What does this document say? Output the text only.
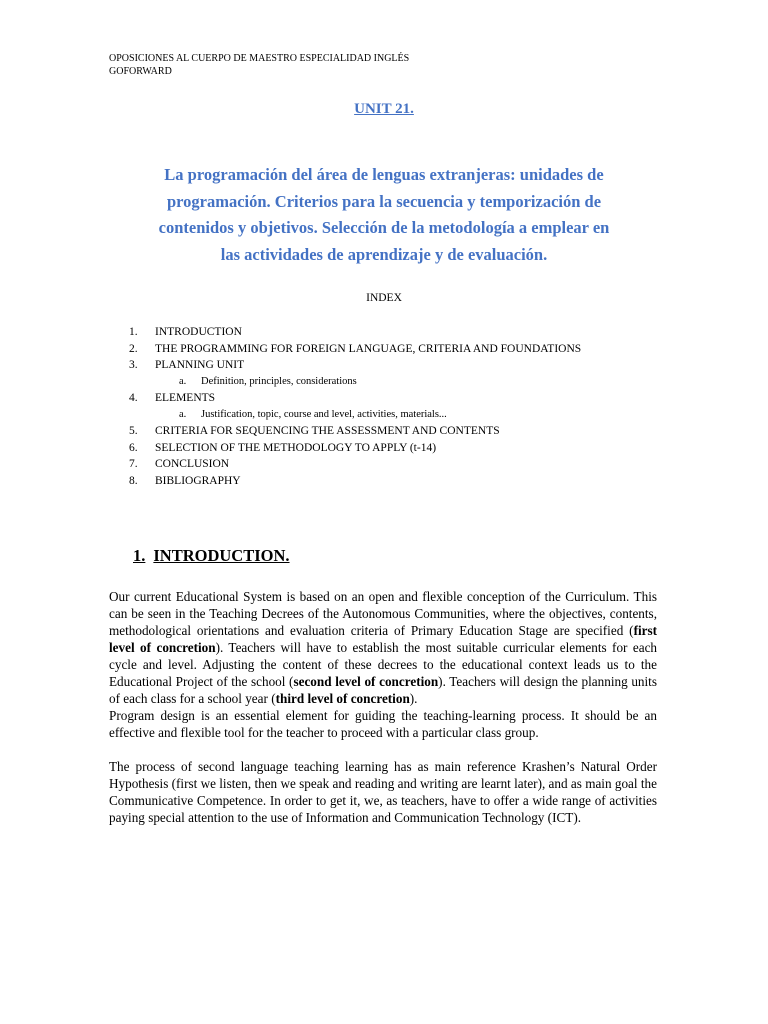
OPOSICIONES AL CUERPO DE MAESTRO ESPECIALIDAD INGLÉS
GOFORWARD
UNIT 21.
La programación del área de lenguas extranjeras: unidades de
programación. Criterios para la secuencia y temporización de
contenidos y objetivos. Selección de la metodología a emplear en
las actividades de aprendizaje y de evaluación.
INDEX
1. INTRODUCTION
2. THE PROGRAMMING FOR FOREIGN LANGUAGE, CRITERIA AND FOUNDATIONS
3. PLANNING UNIT
a. Definition, principles, considerations
4. ELEMENTS
a. Justification, topic, course and level, activities, materials...
5. CRITERIA FOR SEQUENCING THE ASSESSMENT AND CONTENTS
6. SELECTION OF THE METHODOLOGY TO APPLY (t-14)
7. CONCLUSION
8. BIBLIOGRAPHY
1. INTRODUCTION.

Our current Educational System is based on an open and flexible conception of the Curriculum. This can be seen in the Teaching Decrees of the Autonomous Communities, where the objectives, contents, methodological orientations and evaluation criteria of Primary Education Stage are specified (first level of concretion). Teachers will have to establish the most suitable curricular elements for each cycle and level. Adjusting the content of these decrees to the educational context leads us to the Educational Project of the school (second level of concretion). Teachers will design the planning units of each class for a school year (third level of concretion).

Program design is an essential element for guiding the teaching-learning process. It should be an effective and flexible tool for the teacher to proceed with a particular class group.

The process of second language teaching learning has as main reference Krashen’s Natural Order Hypothesis (first we listen, then we speak and reading and writing are learnt later), and as main goal the Communicative Competence. In order to get it, we, as teachers, have to offer a wide range of activities paying special attention to the use of Information and Communication Technology (ICT).
